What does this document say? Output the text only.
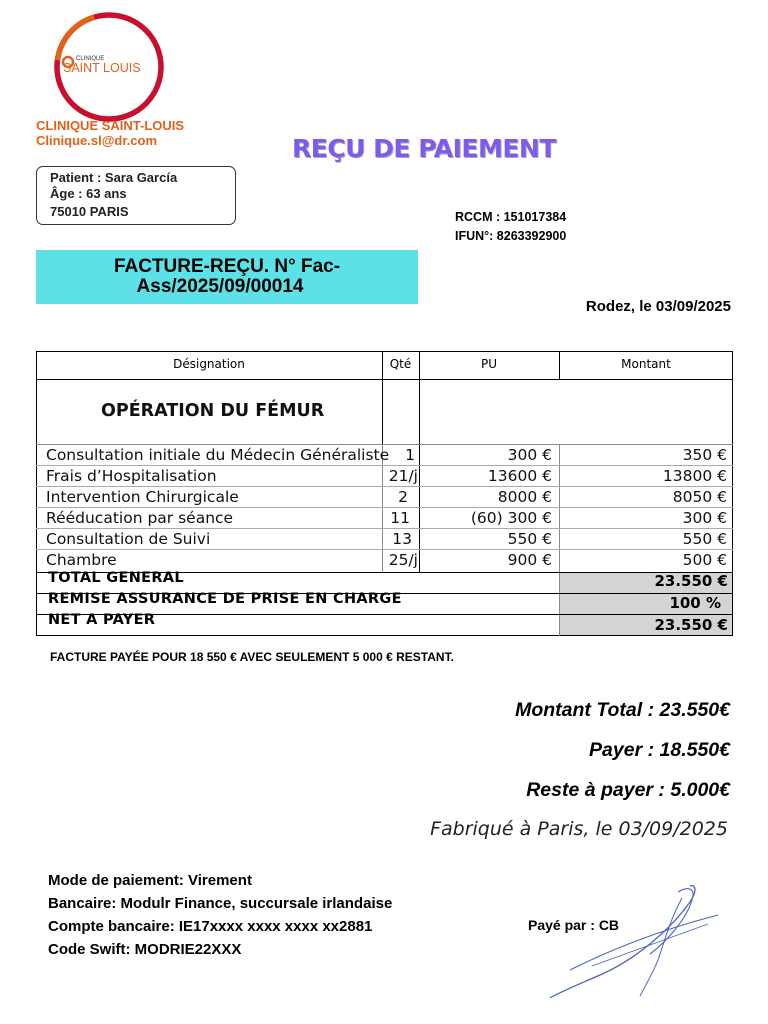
CLINIQUE
SAINT LOUIS
CLINIQUE SAINT-LOUIS
Clinique.sl@dr.com	REÇU DE PAIEMENT
Patient : Sara García
Âge : 63 ans
75010 PARIS	RCCM : 151017384
IFUN°: 8263392900
FACTURE-REÇU. N° Fac-
Ass/2025/09/00014
Rodez, le 03/09/2025
Désignation	Qté	PU	Montant
OPÉRATION DU FÉMUR
Consultation initiale du Médecin Généraliste	1	300 €	350 €
Frais d’Hospitalisation	21/j	13600 €	13800 €
Intervention Chirurgicale	2	8000 €	8050 €
Rééducation par séance	11	(60) 300 €	300 €
Consultation de Suivi	13	550 €	550 €
Chambre	25/j	900 €	500 €
TOTAL GENERAL	23.550 €
REMISE ASSURANCE DE PRISE EN CHARGE	100 %
NET A PAYER	23.550 €
FACTURE PAYÉE POUR 18 550 € AVEC SEULEMENT 5 000 € RESTANT.
Montant Total : 23.550€
Payer : 18.550€
Reste à payer : 5.000€
Fabriqué à Paris, le 03/09/2025
Mode de paiement: Virement
Bancaire: Modulr Finance, succursale irlandaise
Compte bancaire: IE17xxxx xxxx xxxx xx2881
Code Swift: MODRIE22XXX
Payé par : CB
